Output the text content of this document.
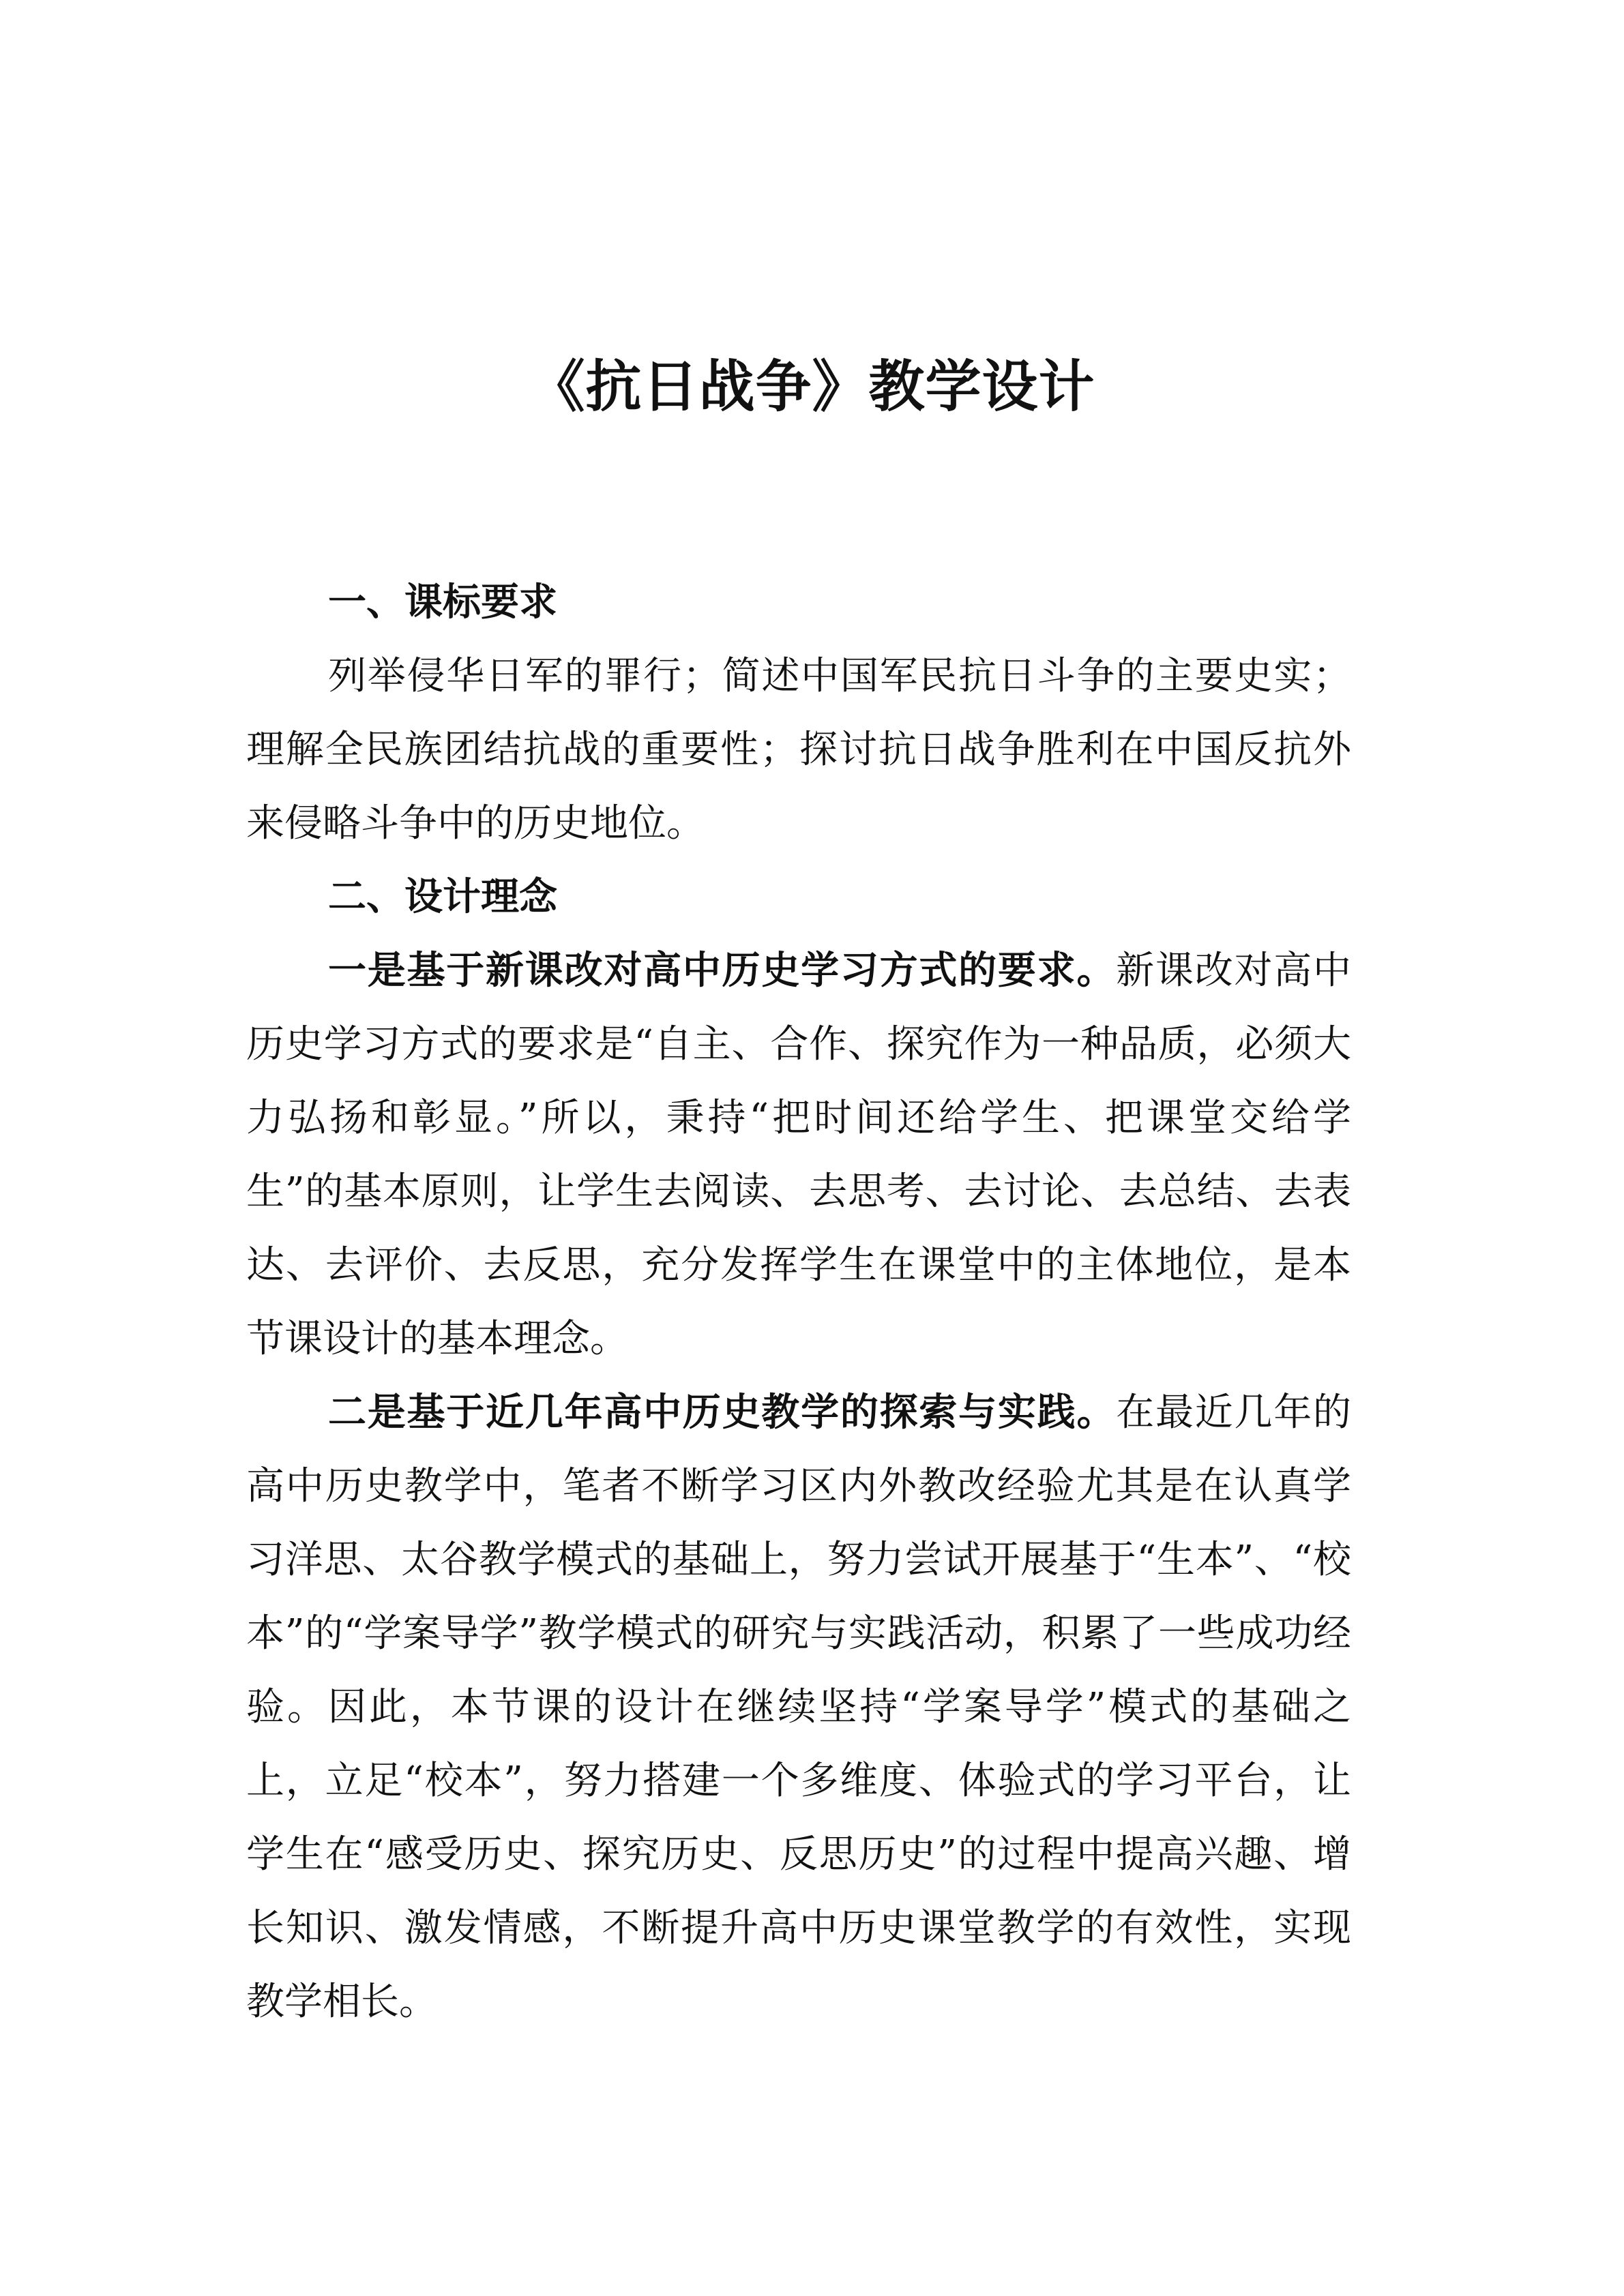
《抗日战争》教学设计
一、课标要求

列举侵华日军的罪行；简述中国军民抗日斗争的主要史实；理解全民族团结抗战的重要性；探讨抗日战争胜利在中国反抗外来侵略斗争中的历史地位。

二、设计理念

一是基于新课改对高中历史学习方式的要求。新课改对高中历史学习方式的要求是“自主、合作、探究作为一种品质，必须大力弘扬和彰显。”所以，秉持“把时间还给学生、把课堂交给学生”的基本原则，让学生去阅读、去思考、去讨论、去总结、去表达、去评价、去反思，充分发挥学生在课堂中的主体地位，是本节课设计的基本理念。

二是基于近几年高中历史教学的探索与实践。在最近几年的高中历史教学中，笔者不断学习区内外教改经验尤其是在认真学习洋思、太谷教学模式的基础上，努力尝试开展基于“生本”、“校本”的“学案导学”教学模式的研究与实践活动，积累了一些成功经验。因此，本节课的设计在继续坚持“学案导学”模式的基础之上，立足“校本”，努力搭建一个多维度、体验式的学习平台，让学生在“感受历史、探究历史、反思历史”的过程中提高兴趣、增长知识、激发情感，不断提升高中历史课堂教学的有效性，实现教学相长。
